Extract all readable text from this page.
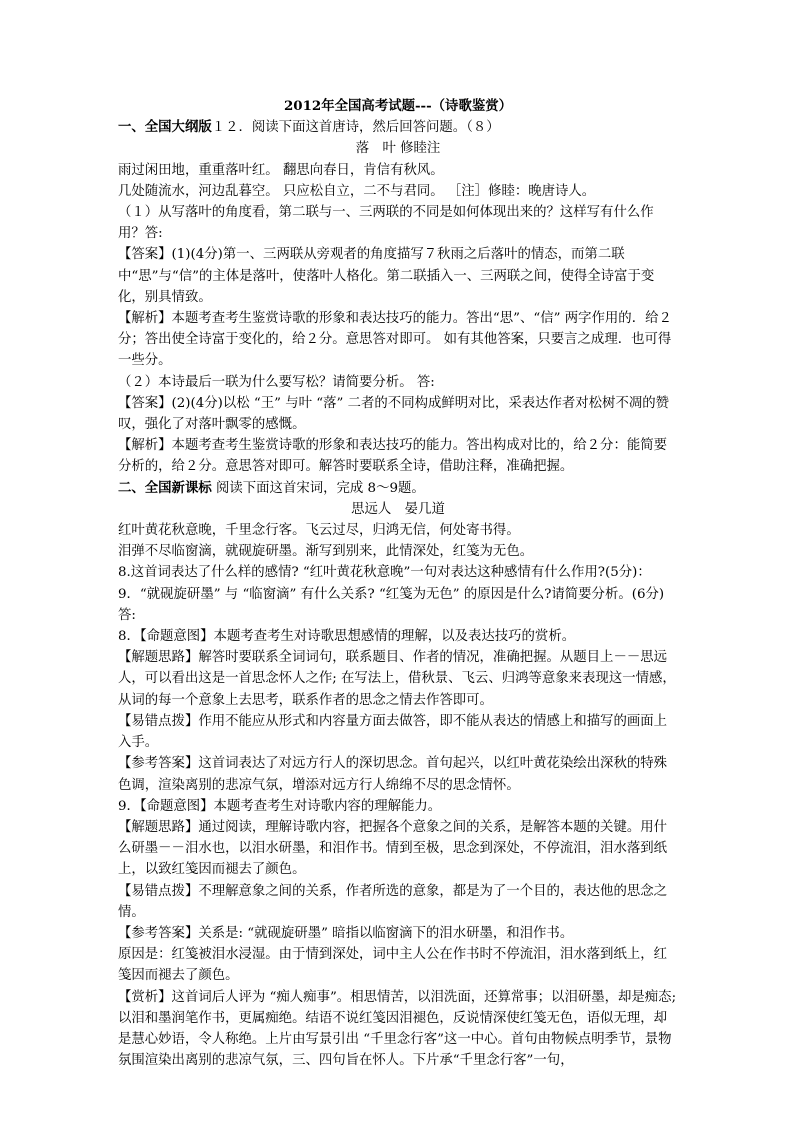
2012年全国高考试题---（诗歌鉴赏）

一、全国大纲版１２．阅读下面这首唐诗，然后回答问题。（８）

落　叶 修睦注

雨过闲田地，重重落叶红。 翻思向春日，肯信有秋风。

几处随流水，河边乱暮空。 只应松自立，二不与君同。 ［注］修睦：晚唐诗人。

（１）从写落叶的角度看，第二联与一、三两联的不同是如何体现出来的？这样写有什么作用？答:

【答案】(1)(4分)第一、三两联从旁观者的角度描写７秋雨之后落叶的情态，而第二联中“思”与“信”的主体是落叶，使落叶人格化。第二联插入一、三两联之间，使得全诗富于变化，别具情致。

【解析】本题考查考生鉴赏诗歌的形象和表达技巧的能力。答出“思”、“信” 两字作用的．给２分；答出使全诗富于变化的，给２分。意思答对即可。 如有其他答案，只要言之成理．也可得一些分。

（２）本诗最后一联为什么要写松？请简要分析。 答:

【答案】(2)(4分)以松 “王” 与叶 “落” 二者的不同构成鲜明对比，采表达作者对松树不凋的赞叹，强化了对落叶飘零的感慨。

【解析】本题考查考生鉴赏诗歌的形象和表达技巧的能力。答出构成对比的，给２分：能简要分析的，给２分。意思答对即可。解答时要联系全诗，借助注释，准确把握。

二、全国新课标 阅读下面这首宋词，完成 8～9题。

思远人　晏几道

红叶黄花秋意晚，千里念行客。飞云过尽，归鸿无信，何处寄书得。

泪弹不尽临窗滴，就砚旋研墨。渐写到别来，此情深处，红笺为无色。

8.这首词表达了什么样的感情? “红叶黄花秋意晚”一句对表达这种感情有什么作用?(5分)：

9．“就砚旋研墨” 与 “临窗滴” 有什么关系? “红笺为无色” 的原因是什么?请简要分析。(6分)　答:

8．【命题意图】本题考查考生对诗歌思想感情的理解，以及表达技巧的赏析。

【解题思路】解答时要联系全词词句，联系题目、作者的情况，准确把握。从题目上－－思远人，可以看出这是一首思念怀人之作; 在写法上，借秋景、飞云、归鸿等意象来表现这一情感，从词的每一个意象上去思考，联系作者的思念之情去作答即可。

【易错点拨】作用不能应从形式和内容量方面去做答，即不能从表达的情感上和描写的画面上入手。

【参考答案】这首词表达了对远方行人的深切思念。首句起兴，以红叶黄花染绘出深秋的特殊色调，渲染离别的悲凉气氛，增添对远方行人绵绵不尽的思念情怀。

9．【命题意图】本题考查考生对诗歌内容的理解能力。

【解题思路】通过阅读，理解诗歌内容，把握各个意象之间的关系，是解答本题的关键。用什么研墨－－泪水也，以泪水研墨，和泪作书。情到至极，思念到深处，不停流泪，泪水落到纸上，以致红笺因而褪去了颜色。

【易错点拨】不理解意象之间的关系，作者所选的意象，都是为了一个目的，表达他的思念之情。

【参考答案】关系是: “就砚旋研墨” 暗指以临窗滴下的泪水研墨，和泪作书。

原因是：红笺被泪水浸湿。由于情到深处，词中主人公在作书时不停流泪，泪水落到纸上，红笺因而褪去了颜色。

【赏析】这首词后人评为 “痴人痴事”。相思情苦，以泪洗面，还算常事；以泪研墨，却是痴态; 以泪和墨润笔作书，更属痴绝。结语不说红笺因泪褪色，反说情深使红笺无色，语似无理，却是慧心妙语，令人称绝。上片由写景引出 “千里念行客”这一中心。首句由物候点明季节，景物氛围渲染出离别的悲凉气氛，三、四句旨在怀人。下片承“千里念行客”一句，
